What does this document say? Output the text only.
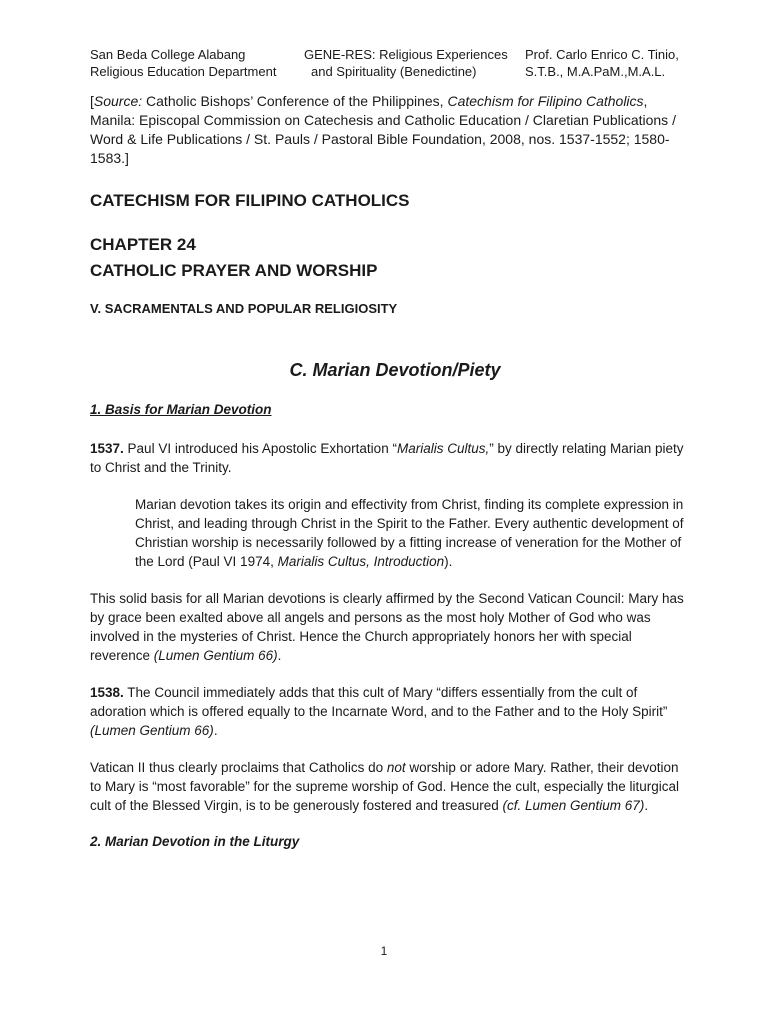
San Beda College Alabang
Religious Education Department
GENE-RES: Religious Experiences
and Spirituality (Benedictine)
Prof. Carlo Enrico C. Tinio,
S.T.B., M.A.PaM.,M.A.L.
[Source: Catholic Bishops’ Conference of the Philippines, Catechism for Filipino Catholics, Manila: Episcopal Commission on Catechesis and Catholic Education / Claretian Publications / Word & Life Publications / St. Pauls / Pastoral Bible Foundation, 2008, nos. 1537-1552; 1580-1583.]
CATECHISM FOR FILIPINO CATHOLICS
CHAPTER 24
CATHOLIC PRAYER AND WORSHIP
V. SACRAMENTALS AND POPULAR RELIGIOSITY
C. Marian Devotion/Piety
1. Basis for Marian Devotion

1537. Paul VI introduced his Apostolic Exhortation “Marialis Cultus,” by directly relating Marian piety to Christ and the Trinity.

Marian devotion takes its origin and effectivity from Christ, finding its complete expression in Christ, and leading through Christ in the Spirit to the Father. Every authentic development of Christian worship is necessarily followed by a fitting increase of veneration for the Mother of the Lord (Paul VI 1974, Marialis Cultus, Introduction).

This solid basis for all Marian devotions is clearly affirmed by the Second Vatican Council: Mary has by grace been exalted above all angels and persons as the most holy Mother of God who was involved in the mysteries of Christ. Hence the Church appropriately honors her with special reverence (Lumen Gentium 66).

1538. The Council immediately adds that this cult of Mary “differs essentially from the cult of adoration which is offered equally to the Incarnate Word, and to the Father and to the Holy Spirit” (Lumen Gentium 66).

Vatican II thus clearly proclaims that Catholics do not worship or adore Mary. Rather, their devotion to Mary is “most favorable” for the supreme worship of God. Hence the cult, especially the liturgical cult of the Blessed Virgin, is to be generously fostered and treasured (cf. Lumen Gentium 67).

2. Marian Devotion in the Liturgy
1
